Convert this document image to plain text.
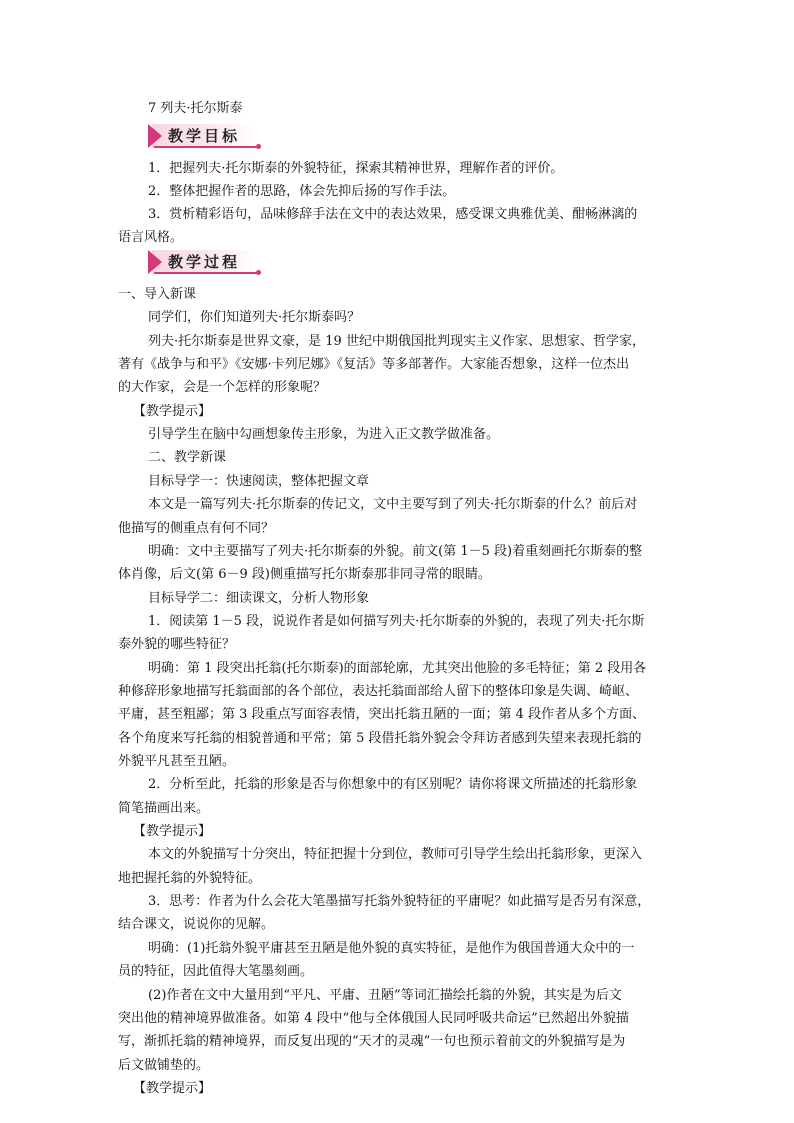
7 列夫·托尔斯泰
教学目标
1．把握列夫·托尔斯泰的外貌特征，探索其精神世界，理解作者的评价。
2．整体把握作者的思路，体会先抑后扬的写作手法。
3．赏析精彩语句，品味修辞手法在文中的表达效果，感受课文典雅优美、酣畅淋漓的
语言风格。
教学过程
一、导入新课
同学们，你们知道列夫·托尔斯泰吗？
列夫·托尔斯泰是世界文豪，是 19 世纪中期俄国批判现实主义作家、思想家、哲学家，
著有《战争与和平》《安娜·卡列尼娜》《复活》等多部著作。大家能否想象，这样一位杰出
的大作家，会是一个怎样的形象呢？
【教学提示】
引导学生在脑中勾画想象传主形象，为进入正文教学做准备。
二、教学新课
目标导学一：快速阅读，整体把握文章
本文是一篇写列夫·托尔斯泰的传记文，文中主要写到了列夫·托尔斯泰的什么？前后对
他描写的侧重点有何不同？
明确：文中主要描写了列夫·托尔斯泰的外貌。前文(第 1－5 段)着重刻画托尔斯泰的整
体肖像，后文(第 6－9 段)侧重描写托尔斯泰那非同寻常的眼睛。
目标导学二：细读课文，分析人物形象
1．阅读第 1－5 段，说说作者是如何描写列夫·托尔斯泰的外貌的，表现了列夫·托尔斯
泰外貌的哪些特征？
明确：第 1 段突出托翁(托尔斯泰)的面部轮廓，尤其突出他脸的多毛特征；第 2 段用各
种修辞形象地描写托翁面部的各个部位，表达托翁面部给人留下的整体印象是失调、崎岖、
平庸，甚至粗鄙；第 3 段重点写面容表情，突出托翁丑陋的一面；第 4 段作者从多个方面、
各个角度来写托翁的相貌普通和平常；第 5 段借托翁外貌会令拜访者感到失望来表现托翁的
外貌平凡甚至丑陋。
2．分析至此，托翁的形象是否与你想象中的有区别呢？请你将课文所描述的托翁形象
简笔描画出来。
【教学提示】
本文的外貌描写十分突出，特征把握十分到位，教师可引导学生绘出托翁形象，更深入
地把握托翁的外貌特征。
3．思考：作者为什么会花大笔墨描写托翁外貌特征的平庸呢？如此描写是否另有深意，
结合课文，说说你的见解。
明确：(1)托翁外貌平庸甚至丑陋是他外貌的真实特征，是他作为俄国普通大众中的一
员的特征，因此值得大笔墨刻画。
(2)作者在文中大量用到“平凡、平庸、丑陋”等词汇描绘托翁的外貌，其实是为后文
突出他的精神境界做准备。如第 4 段中“他与全体俄国人民同呼吸共命运”已然超出外貌描
写，渐抓托翁的精神境界，而反复出现的“天才的灵魂”一句也预示着前文的外貌描写是为
后文做铺垫的。
【教学提示】
